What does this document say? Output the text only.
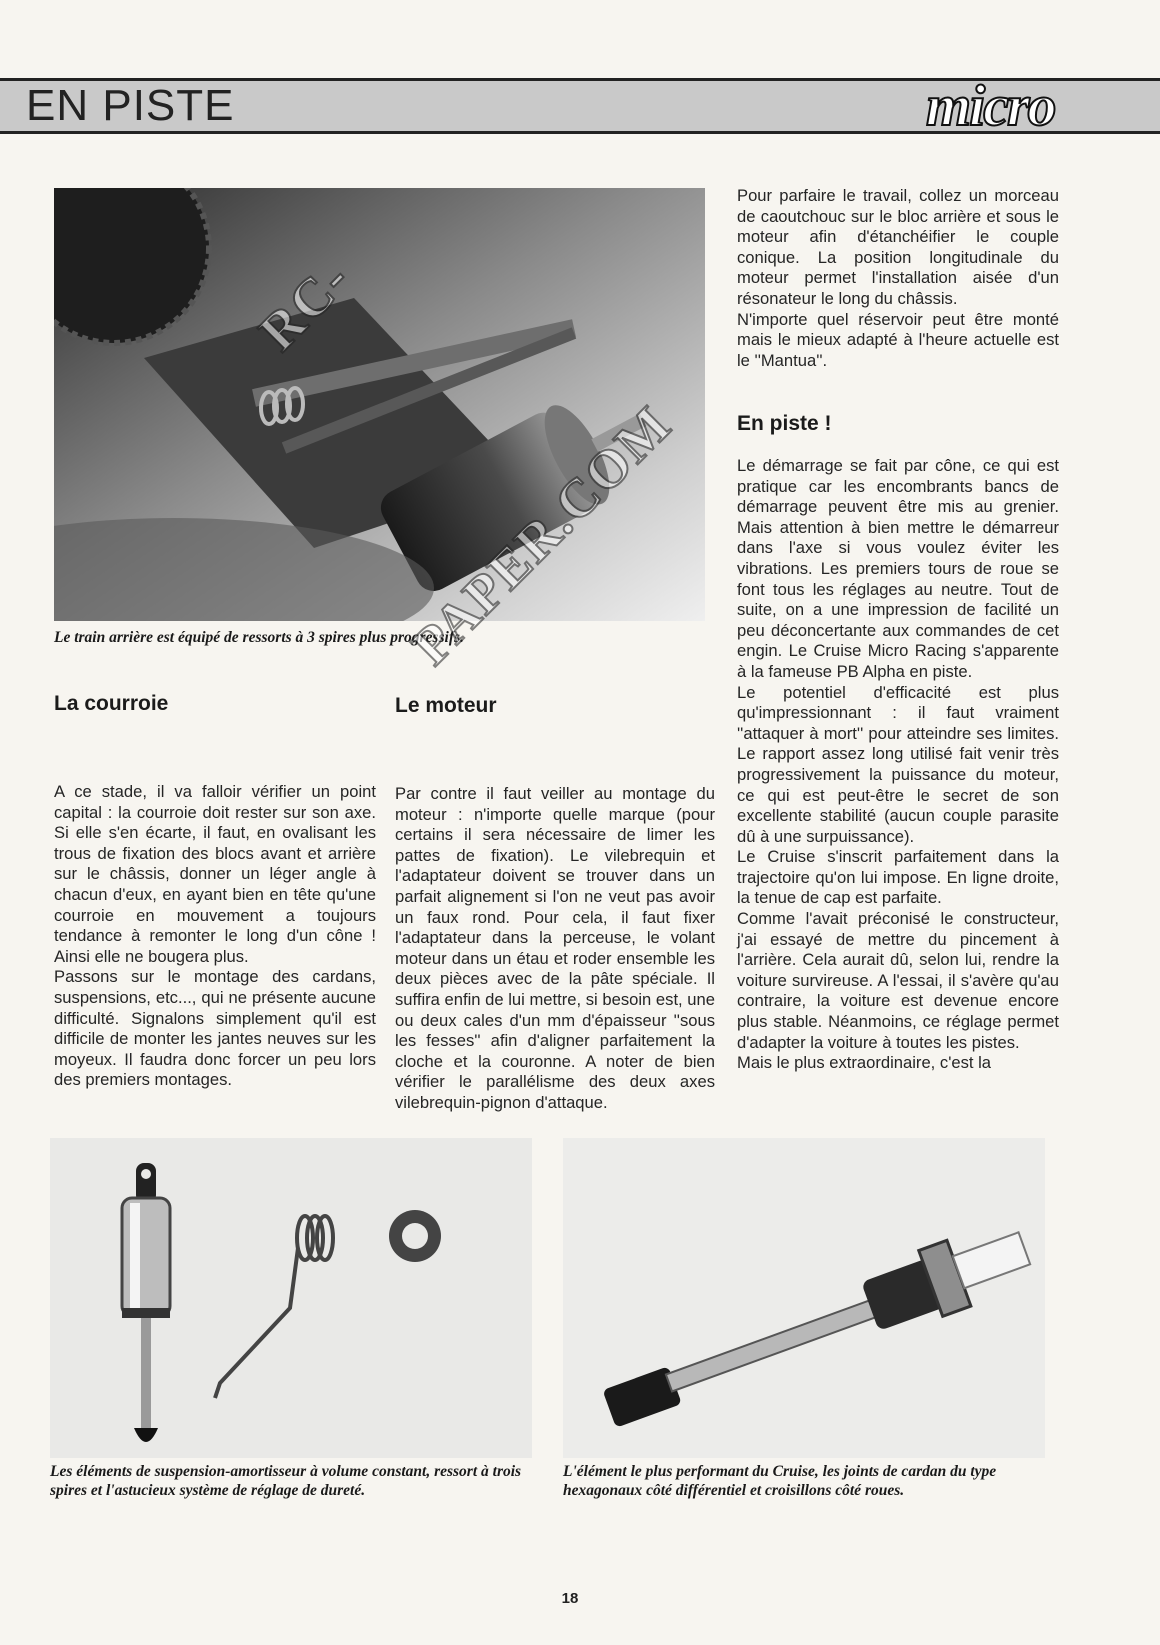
EN PISTE	micro
Le train arrière est équipé de ressorts à 3 spires plus progressifs.
RC-PAPER.COM
La courroie
A ce stade, il va falloir vérifier un point capital : la courroie doit rester sur son axe. Si elle s'en écarte, il faut, en ovalisant les trous de fixation des blocs avant et arrière sur le châssis, donner un léger angle à chacun d'eux, en ayant bien en tête qu'une courroie en mouvement a toujours tendance à remonter le long d'un cône ! Ainsi elle ne bougera plus.
Passons sur le montage des cardans, suspensions, etc..., qui ne présente aucune difficulté. Signalons simplement qu'il est difficile de monter les jantes neuves sur les moyeux. Il faudra donc forcer un peu lors des premiers montages.
Le moteur
Par contre il faut veiller au montage du moteur : n'importe quelle marque (pour certains il sera nécessaire de limer les pattes de fixation). Le vilebrequin et l'adaptateur doivent se trouver dans un parfait alignement si l'on ne veut pas avoir un faux rond. Pour cela, il faut fixer l'adaptateur dans la perceuse, le volant moteur dans un étau et roder ensemble les deux pièces avec de la pâte spéciale. Il suffira enfin de lui mettre, si besoin est, une ou deux cales d'un mm d'épaisseur ''sous les fesses'' afin d'aligner parfaitement la cloche et la couronne. A noter de bien vérifier le parallélisme des deux axes vilebrequin-pignon d'attaque.
Pour parfaire le travail, collez un morceau de caoutchouc sur le bloc arrière et sous le moteur afin d'étanchéifier le couple conique. La position longitudinale du moteur permet l'installation aisée d'un résonateur le long du châssis.
N'importe quel réservoir peut être monté mais le mieux adapté à l'heure actuelle est le ''Mantua''.
En piste !
Le démarrage se fait par cône, ce qui est pratique car les encombrants bancs de démarrage peuvent être mis au grenier. Mais attention à bien mettre le démarreur dans l'axe si vous voulez éviter les vibrations. Les premiers tours de roue se font tous les réglages au neutre. Tout de suite, on a une impression de facilité un peu déconcertante aux commandes de cet engin. Le Cruise Micro Racing s'apparente à la fameuse PB Alpha en piste.
Le potentiel d'efficacité est plus qu'impressionnant : il faut vraiment ''attaquer à mort'' pour atteindre ses limites. Le rapport assez long utilisé fait venir très progressivement la puissance du moteur, ce qui est peut-être le secret de son excellente stabilité (aucun couple parasite dû à une surpuissance).
Le Cruise s'inscrit parfaitement dans la trajectoire qu'on lui impose. En ligne droite, la tenue de cap est parfaite.
Comme l'avait préconisé le constructeur, j'ai essayé de mettre du pincement à l'arrière. Cela aurait dû, selon lui, rendre la voiture survireuse. A l'essai, il s'avère qu'au contraire, la voiture est devenue encore plus stable. Néanmoins, ce réglage permet d'adapter la voiture à toutes les pistes.
Mais le plus extraordinaire, c'est la
Les éléments de suspension-amortisseur à volume constant, ressort à trois spires et l'astucieux système de réglage de dureté.
L'élément le plus performant du Cruise, les joints de cardan du type hexagonaux côté différentiel et croisillons côté roues.
18
